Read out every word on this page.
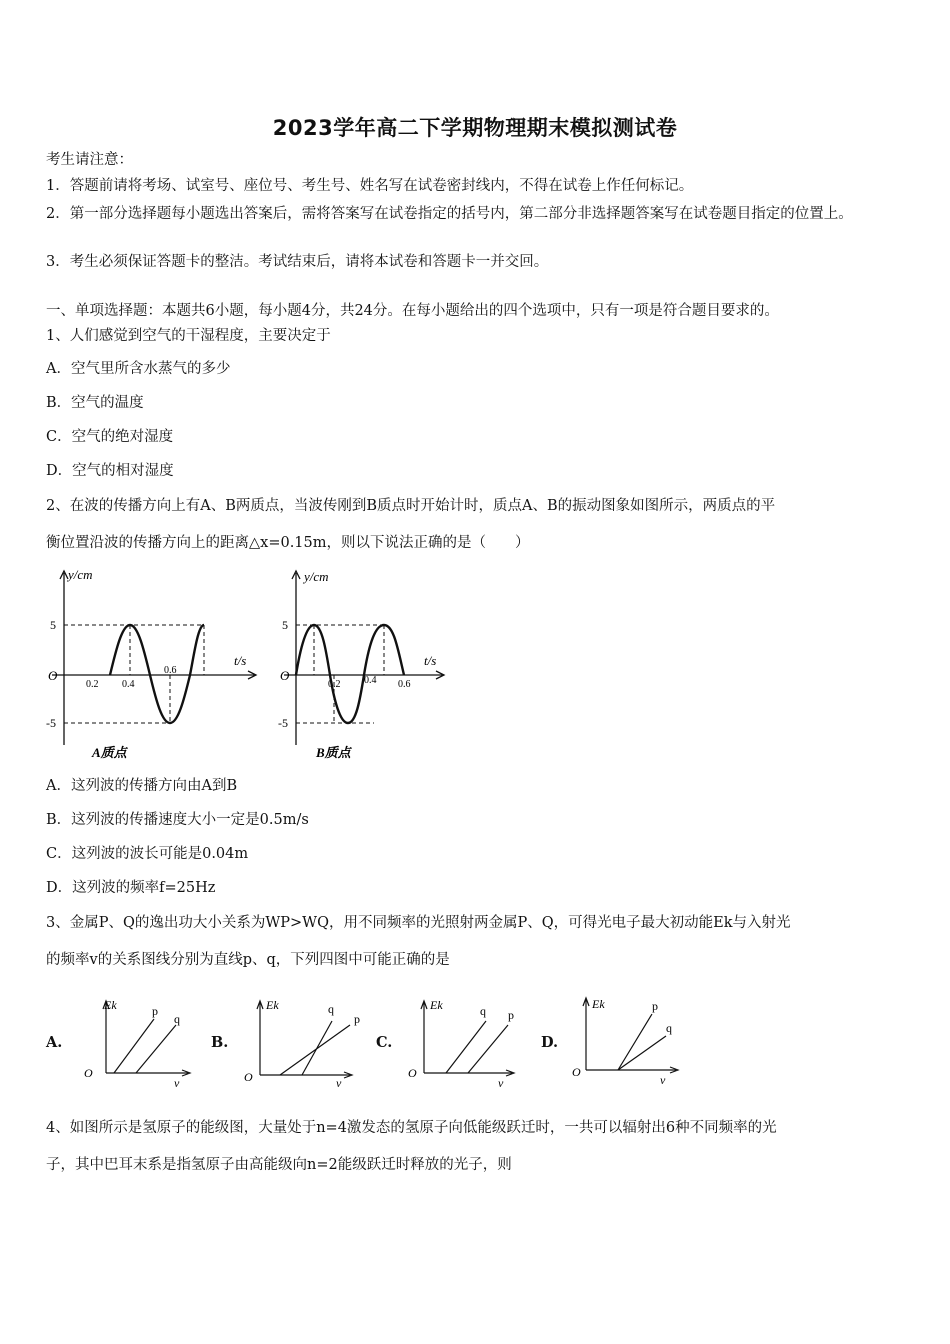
2023学年高二下学期物理期末模拟测试卷
考生请注意：
1．答题前请将考场、试室号、座位号、考生号、姓名写在试卷密封线内，不得在试卷上作任何标记。
2．第一部分选择题每小题选出答案后，需将答案写在试卷指定的括号内，第二部分非选择题答案写在试卷题目指定的位置上。
3．考生必须保证答题卡的整洁。考试结束后，请将本试卷和答题卡一并交回。
一、单项选择题：本题共6小题，每小题4分，共24分。在每小题给出的四个选项中，只有一项是符合题目要求的。
1、人们感觉到空气的干湿程度，主要决定于
A．空气里所含水蒸气的多少
B．空气的温度
C．空气的绝对湿度
D．空气的相对湿度
2、在波的传播方向上有A、B两质点，当波传刚到B质点时开始计时，质点A、B的振动图象如图所示，两质点的平
衡位置沿波的传播方向上的距离△x=0.15m，则以下说法正确的是（　　）
y/cm
t/s
O
5
-5
0.2 0.4
0.6
A质点
y/cm
t/s
O
5
-5
0.2 0.4 0.6
B质点
A．这列波的传播方向由A到B
B．这列波的传播速度大小一定是0.5m/s
C．这列波的波长可能是0.04m
D．这列波的频率f=25Hz
3、金属P、Q的逸出功大小关系为WP>WQ，用不同频率的光照射两金属P、Q，可得光电子最大初动能Ek与入射光
的频率v的关系图线分别为直线p、q，下列四图中可能正确的是
A.
Ek
v
O
p
q
B.
Ek
v
O
p
q
C.
Ek
v
O
p
q
D.
Ek
v
O
p
q
4、如图所示是氢原子的能级图，大量处于n=4激发态的氢原子向低能级跃迁时，一共可以辐射出6种不同频率的光
子，其中巴耳末系是指氢原子由高能级向n=2能级跃迁时释放的光子，则
